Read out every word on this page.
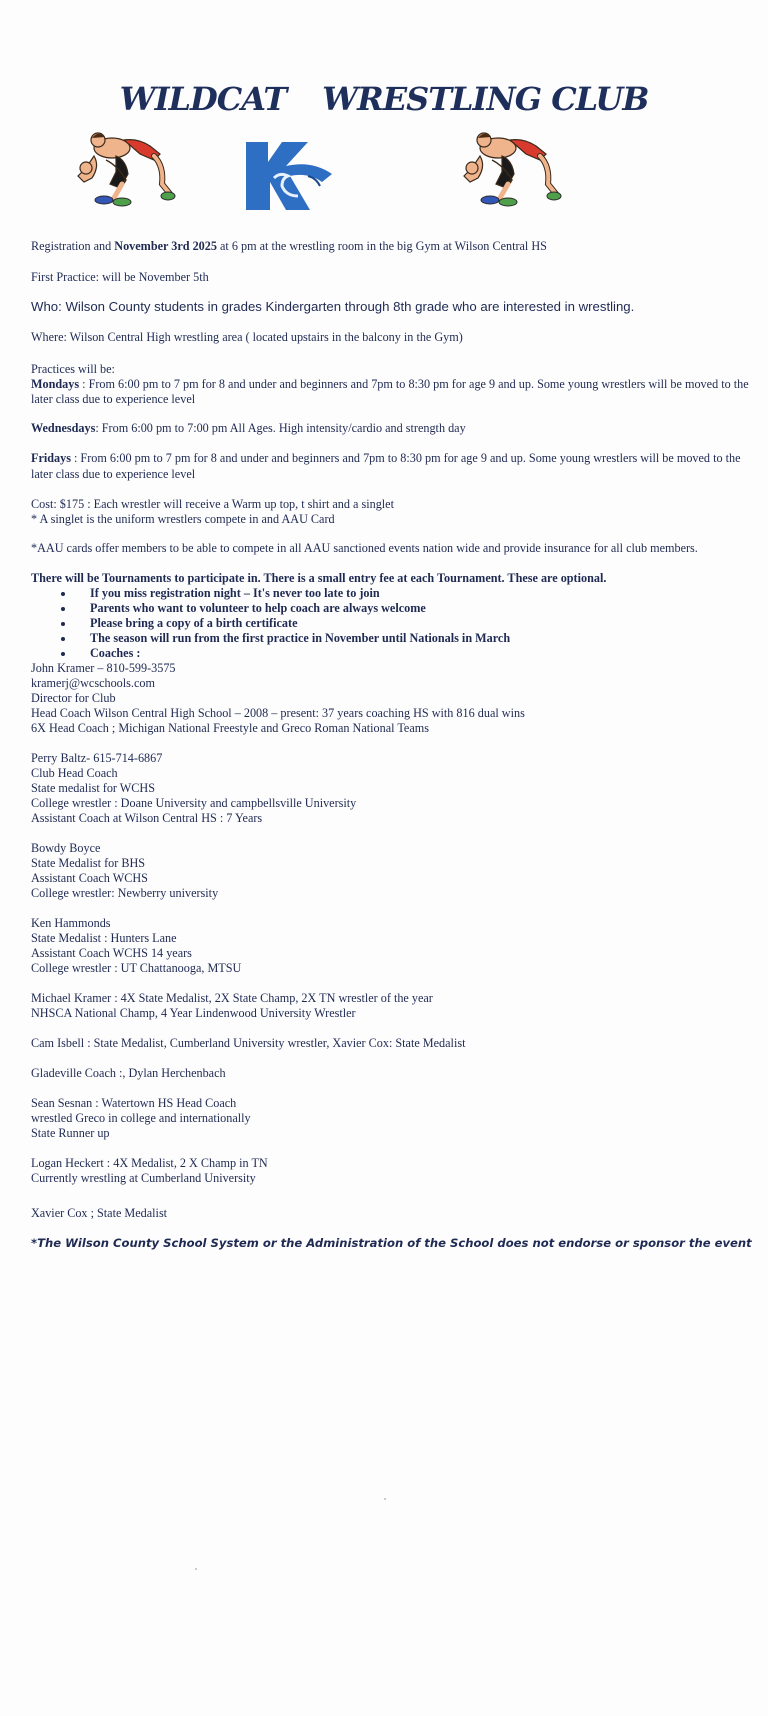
WILDCAT WRESTLING CLUB
Registration and November 3rd 2025 at 6 pm at the wrestling room in the big Gym at Wilson Central HS
First Practice: will be November 5th
Who: Wilson County students in grades Kindergarten through 8th grade who are interested in wrestling.
Where: Wilson Central High wrestling area ( located upstairs in the balcony in the Gym)
Practices will be:
Mondays : From 6:00 pm to 7 pm for 8 and under and beginners and 7pm to 8:30 pm for age 9 and up. Some young wrestlers will be moved to the
later class due to experience level
Wednesdays: From 6:00 pm to 7:00 pm All Ages. High intensity/cardio and strength day
Fridays : From 6:00 pm to 7 pm for 8 and under and beginners and 7pm to 8:30 pm for age 9 and up. Some young wrestlers will be moved to the
later class due to experience level
Cost: $175 : Each wrestler will receive a Warm up top, t shirt and a singlet
* A singlet is the uniform wrestlers compete in and AAU Card
*AAU cards offer members to be able to compete in all AAU sanctioned events nation wide and provide insurance for all club members.
There will be Tournaments to participate in. There is a small entry fee at each Tournament. These are optional.
If you miss registration night – It's never too late to join
Parents who want to volunteer to help coach are always welcome
Please bring a copy of a birth certificate
The season will run from the first practice in November until Nationals in March
Coaches :
John Kramer – 810-599-3575
kramerj@wcschools.com
Director for Club
Head Coach Wilson Central High School – 2008 – present: 37 years coaching HS with 816 dual wins
6X Head Coach ; Michigan National Freestyle and Greco Roman National Teams
Perry Baltz- 615-714-6867
Club Head Coach
State medalist for WCHS
College wrestler : Doane University and campbellsville University
Assistant Coach at Wilson Central HS : 7 Years
Bowdy Boyce
State Medalist for BHS
Assistant Coach WCHS
College wrestler: Newberry university
Ken Hammonds
State Medalist : Hunters Lane
Assistant Coach WCHS 14 years
College wrestler : UT Chattanooga, MTSU
Michael Kramer : 4X State Medalist, 2X State Champ, 2X TN wrestler of the year
NHSCA National Champ, 4 Year Lindenwood University Wrestler
Cam Isbell : State Medalist, Cumberland University wrestler, Xavier Cox: State Medalist
Gladeville Coach :, Dylan Herchenbach
Sean Sesnan : Watertown HS Head Coach
wrestled Greco in college and internationally
State Runner up
Logan Heckert : 4X Medalist, 2 X Champ in TN
Currently wrestling at Cumberland University
Xavier Cox ; State Medalist
*The Wilson County School System or the Administration of the School does not endorse or sponsor the event
